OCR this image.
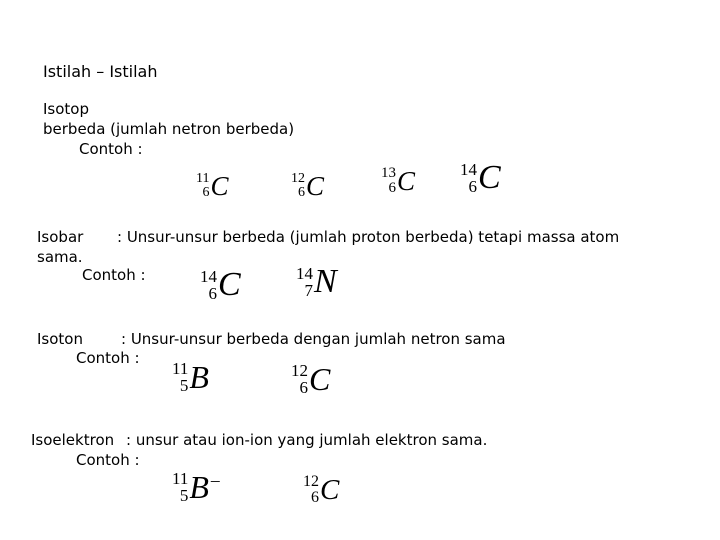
Istilah – Istilah
Isotop
berbeda (jumlah netron berbeda)
Contoh :
11
6 C	12
6 C	13
6 C	14
6 C
Isobar : Unsur-unsur berbeda (jumlah proton berbeda) tetapi massa atom
sama.
Contoh :	14
6 C	14
7 N
Isoton	: Unsur-unsur berbeda dengan jumlah netron sama
Contoh :
11
5 B	12
6 C
Isoelektron : unsur atau ion-ion yang jumlah elektron sama.
Contoh :
11
5 B –	12
6 C
